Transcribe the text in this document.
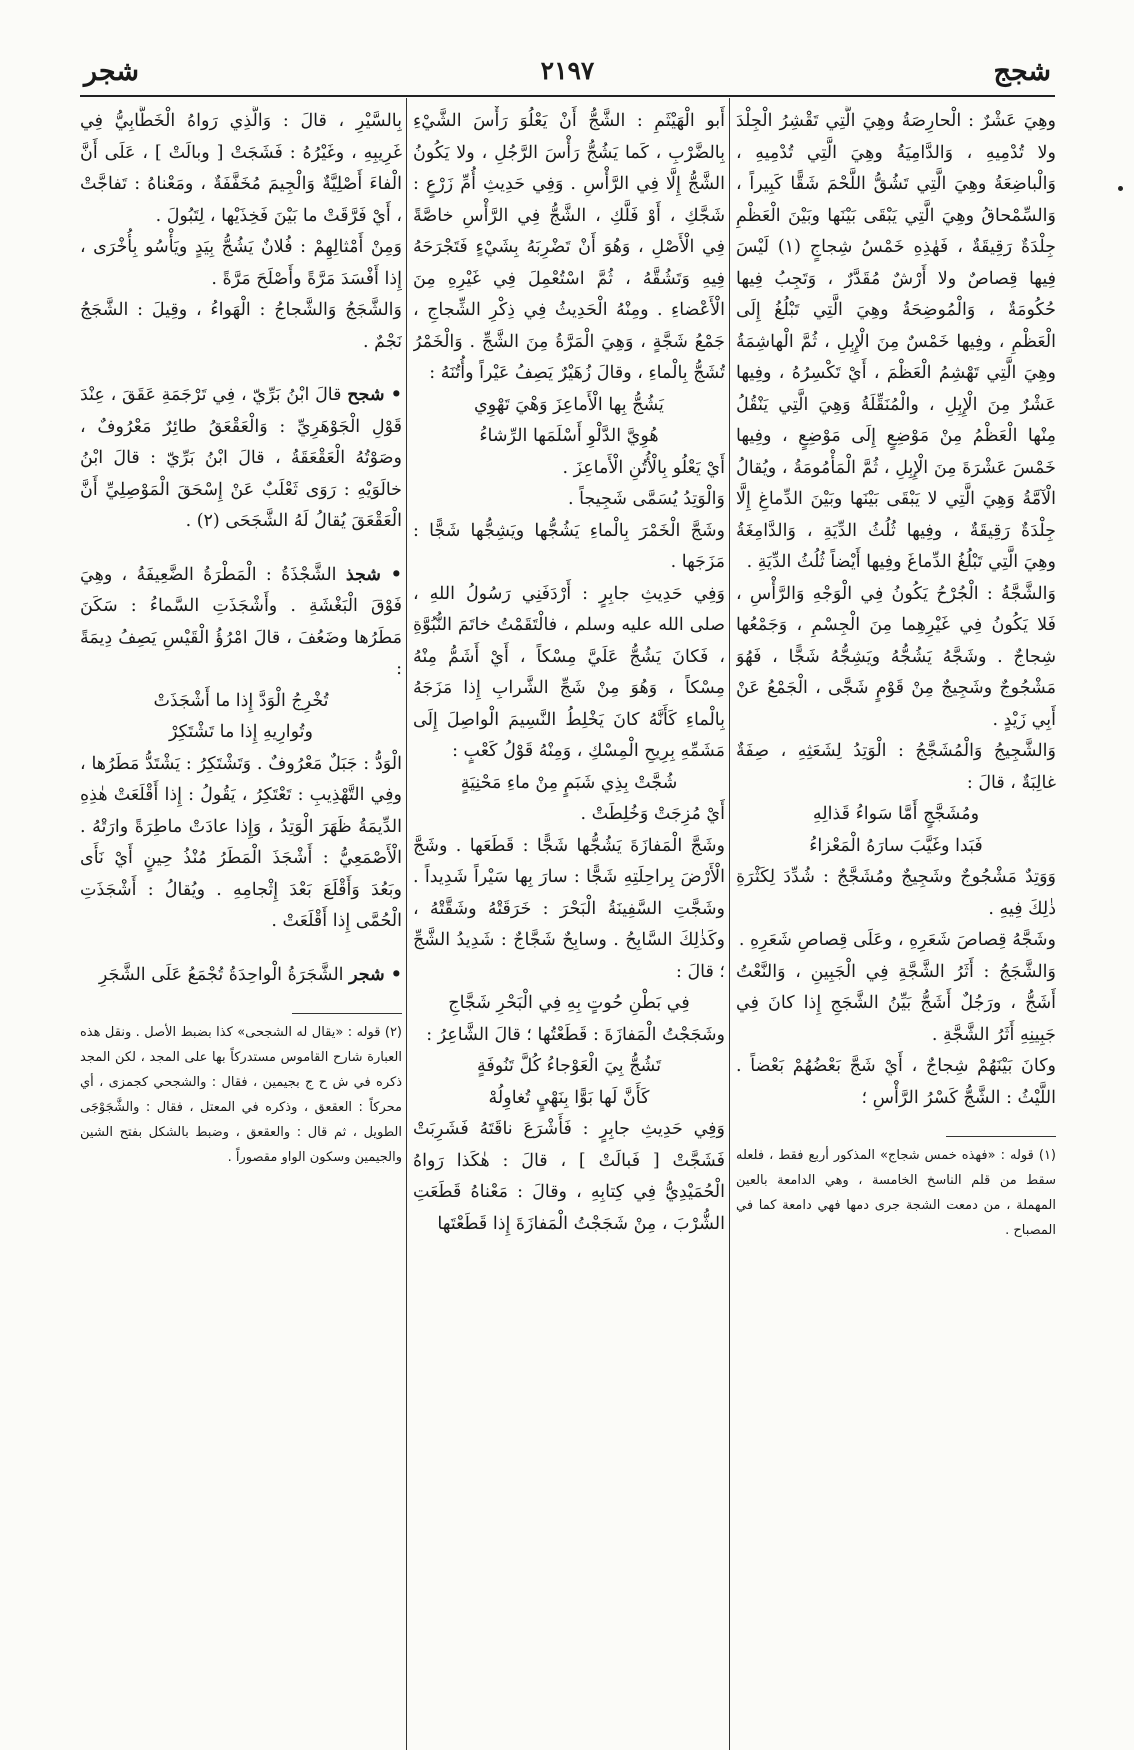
شجر	٢١٩٧	شجج

وهِيَ عَشْرٌ : الْحارِصَةُ وهِيَ الَّتِي تَقْشِرُ الْجِلْدَ ولا تُدْمِيهِ ، وَالدَّامِيَةُ وهِيَ الَّتِي تُدْمِيهِ ، وَالْباضِعَةُ وهِيَ الَّتِي تَشُقُّ اللَّحْمَ شَقًّا كَبِيراً ، وَالسِّمْحاقُ وهِيَ الَّتِي يَبْقَى بَيْنَها وبَيْنَ الْعَظْمِ جِلْدَةٌ رَقِيقَةٌ ، فَهٰذِهِ خَمْسُ شِجاجٍ (١) لَيْسَ فِيها قِصاصٌ ولا أَرْشٌ مُقَدَّرٌ ، وَتَجِبُ فِيها حُكُومَةٌ ، وَالْمُوضِحَةُ وهِيَ الَّتِي تَبْلُغُ إِلَى الْعَظْمِ ، وفِيها خَمْسٌ مِنَ الْإِبِلِ ، ثُمَّ الْهاشِمَةُ وهِيَ الَّتِي تَهْشِمُ الْعَظْمَ ، أَيْ تَكْسِرُهُ ، وفِيها عَشْرٌ مِنَ الْإِبِلِ ، والْمُنَقِّلَةُ وَهِيَ الَّتِي يَنْقُلُ مِنْها الْعَظْمُ مِنْ مَوْضِعٍ إِلَى مَوْضِعٍ ، وفِيها خَمْسَ عَشْرَةَ مِنَ الْإِبِلِ ، ثُمَّ الْمَأْمُومَةُ ، ويُقالُ الْآمَّةُ وَهِيَ الَّتِي لا يَبْقَى بَيْنَها وبَيْنَ الدِّماغِ إِلَّا جِلْدَةٌ رَقِيقَةٌ ، وفِيها ثُلُثُ الدِّيَةِ ، وَالدَّامِغَةُ وهِيَ الَّتِي تَبْلُغُ الدِّماغَ وفِيها أَيْضاً ثُلُثُ الدِّيَةِ .

وَالشَّجَّةُ : الْجُرْحُ يَكُونُ فِي الْوَجْهِ وَالرَّأْسِ ، فَلا يَكُونُ فِي غَيْرِهِما مِنَ الْجِسْمِ ، وَجَمْعُها شِجاجٌ . وشَجَّهُ يَشُجُّهُ ويَشِجُّهُ شَجًّا ، فَهُوَ مَشْجُوجٌ وشَجِيجٌ مِنْ قَوْمٍ شَجَّى ، الْجَمْعُ عَنْ أَبِي زَيْدٍ .

وَالشَّجِيجُ وَالْمُشَجَّجُ : الْوَتِدُ لِشَعَثِهِ ، صِفَةٌ غالِبَةٌ ، قالَ :

ومُشَجَّجٍ أَمَّا سَواءُ قَذالِهِ

فَبَدا وغَيَّبَ سارَهُ الْمَعْزاءُ

وَوَتِدٌ مَشْجُوجٌ وشَجِيجٌ ومُشَجَّجٌ : شُدِّدَ لِكَثْرَةِ ذٰلِكَ فِيهِ .

وشَجَّهُ قِصاصَ شَعَرِهِ ، وعَلَى قِصاصِ شَعَرِهِ .

وَالشَّجَجُ : أَثَرُ الشَّجَّةِ فِي الْجَبِينِ ، وَالنَّعْتُ أَشَجُّ ، ورَجُلٌ أَشَجُّ بَيِّنُ الشَّجَجِ إِذا كانَ فِي جَبِينِهِ أَثَرُ الشَّجَّةِ .

وكانَ بَيْنَهُمْ شِجاجٌ ، أَيْ شَجَّ بَعْضُهُمْ بَعْضاً . اللَّيْثُ : الشَّجُّ كَسْرُ الرَّأْسِ ؛

(١) قوله : «فهذه خمس شجاج» المذكور أربع فقط ، فلعله سقط من قلم الناسخ الخامسة ، وهي الدامعة بالعين المهملة ، من دمعت الشجة جرى دمها فهي دامعة كما في المصباح .

أَبو الْهَيْثَمِ : الشَّجُّ أَنْ يَعْلُوَ رَأْسَ الشَّيْءِ بِالضَّرْبِ ، كَما يَشُجُّ رَأْسَ الرَّجُلِ ، ولا يَكُونُ الشَّجُّ إِلَّا فِي الرَّأْسِ . وَفِي حَدِيثِ أُمِّ زَرْعٍ : شَجَّكِ ، أَوْ فَلَّكِ ، الشَّجُّ فِي الرَّأْسِ خاصَّةً فِي الْأَصْلِ ، وَهُوَ أَنْ تَضْرِبَهُ بِشَيْءٍ فَتَجْرَحَهُ فِيهِ وَتَشُقَّهُ ، ثُمَّ اسْتُعْمِلَ فِي غَيْرِهِ مِنَ الْأَعْضاءِ . ومِنْهُ الْحَدِيثُ فِي ذِكْرِ الشِّجاجِ ، جَمْعُ شَجَّةٍ ، وَهِيَ الْمَرَّةُ مِنَ الشَّجِّ . وَالْخَمْرُ تُشَجُّ بِالْماءِ ، وقالَ زُهَيْرٌ يَصِفُ عَيْراً وأُتُنَهُ :

يَشُجُّ بِها الْأَماعِزَ وَهْيَ تَهْوِي

هُوِيَّ الدَّلْوِ أَسْلَمَها الرِّشاءُ

أَيْ يَعْلُو بِالْأُتُنِ الْأَماعِزَ .

وَالْوَتِدُ يُسَمَّى شَجِيجاً .

وشَجَّ الْخَمْرَ بِالْماءِ يَشُجُّها ويَشِجُّها شَجًّا : مَزَجَها .

وَفِي حَدِيثِ جابِرٍ : أَرْدَفَنِي رَسُولُ اللهِ ، صلى الله عليه وسلم ، فالْتَقَمْتُ خاتَمَ النُّبُوَّةِ ، فَكانَ يَشُجُّ عَلَيَّ مِسْكاً ، أَيْ أَشَمُّ مِنْهُ مِسْكاً ، وَهُوَ مِنْ شَجِّ الشَّرابِ إِذا مَزَجَهُ بِالْماءِ كَأَنَّهُ كانَ يَخْلِطُ النَّسِيمَ الْواصِلَ إِلَى مَشَمِّهِ بِرِيحِ الْمِسْكِ ، وَمِنْهُ قَوْلُ كَعْبٍ :

شُجَّتْ بِذِي شَبَمٍ مِنْ ماءِ مَحْنِيَةٍ

أَيْ مُزِجَتْ وَخُلِطَتْ .

وشَجَّ الْمَفازَةَ يَشُجُّها شَجًّا : قَطَعَها . وشَجَّ الْأَرْضَ بِراحِلَتِهِ شَجًّا : سارَ بِها سَيْراً شَدِيداً . وشَجَّتِ السَّفِينَةُ الْبَحْرَ : خَرَقَتْهُ وشَقَّتْهُ ، وكَذٰلِكَ السَّابِحُ . وسابِحٌ شَجَّاجٌ : شَدِيدُ الشَّجِّ ؛ قالَ :

فِي بَطْنِ حُوتٍ بِهِ فِي الْبَحْرِ شَجَّاجِ

وشَجَجْتُ الْمَفازَةَ : قَطَعْتُها ؛ قالَ الشَّاعِرُ :

تَشُجُّ بِيَ الْعَوْجاءُ كُلَّ تَنُوفَةٍ

كَأَنَّ لَها بَوًّا بِنَهْيٍ تُغاوِلُهْ

وَفِي حَدِيثِ جابِرٍ : فَأَشْرَعَ ناقَتَهُ فَشَرِبَتْ فَشَجَّتْ [ فَبالَتْ ] ، قالَ : هٰكَذا رَواهُ الْحُمَيْدِيُّ فِي كِتابِهِ ، وقالَ : مَعْناهُ قَطَعَتِ الشُّرْبَ ، مِنْ شَجَجْتُ الْمَفازَةَ إِذا قَطَعْتَها

بِالسَّيْرِ ، قالَ : وَالَّذِي رَواهُ الْخَطَّابِيُّ فِي غَرِيبِهِ ، وغَيْرُهُ : فَشَجَتْ [ وبالَتْ ] ، عَلَى أَنَّ الْفاءَ أَصْلِيَّةٌ وَالْجِيمَ مُخَفَّفَةٌ ، ومَعْناهُ : تَفاجَّتْ ، أَيْ فَرَّقَتْ ما بَيْنَ فَخِذَيْها ، لِتَبُولَ .

وَمِنْ أَمْثالِهِمْ : فُلانٌ يَشُجُّ بِيَدٍ ويَأْسُو بِأُخْرَى ، إِذا أَفْسَدَ مَرَّةً وأَصْلَحَ مَرَّةً .

وَالشَّجَجُ وَالشَّجاجُ : الْهَواءُ ، وقِيلَ : الشَّجَجُ نَجْمٌ .

• شجح قالَ ابْنُ بَرِّيّ ، فِي تَرْجَمَةِ عَقَقَ ، عِنْدَ قَوْلِ الْجَوْهَرِيِّ : وَالْعَقْعَقُ طائِرٌ مَعْرُوفٌ ، وصَوْتُهُ الْعَقْعَقَةُ ، قالَ ابْنُ بَرِّيّ : قالَ ابْنُ خالَوَيْهِ : رَوَى ثَعْلَبٌ عَنْ إِسْحَقَ الْمَوْصِلِيِّ أَنَّ الْعَقْعَقَ يُقالُ لَهُ الشَّجَحَى (٢) .

• شجذ الشَّجْذَةُ : الْمَطْرَةُ الضَّعِيفَةُ ، وهِيَ فَوْقَ الْبَغْشَةِ . وأَشْجَذَتِ السَّماءُ : سَكَنَ مَطَرُها وضَعُفَ ، قالَ امْرُؤُ الْقَيْسِ يَصِفُ دِيمَةً :

تُخْرِجُ الْوَدَّ إِذا ما أَشْجَذَتْ

وتُوارِيهِ إِذا ما تَشْتَكِرْ

الْوَدُّ : جَبَلٌ مَعْرُوفٌ . وَتَشْتَكِرُ : يَشْتَدُّ مَطَرُها ، وفِي التَّهْذِيبِ : تَعْتَكِرُ ، يَقُولُ : إِذا أَقْلَعَتْ هٰذِهِ الدِّيمَةُ ظَهَرَ الْوَتِدُ ، وَإِذا عادَتْ ماطِرَةً وارَتْهُ . الْأَصْمَعِيُّ : أَشْجَذَ الْمَطَرُ مُنْذُ حِينٍ أَيْ نَأَى وبَعُدَ وَأَقْلَعَ بَعْدَ إِثْجامِهِ . ويُقالُ : أَشْجَذَتِ الْحُمَّى إِذا أَقْلَعَتْ .

• شجر الشَّجَرَةُ الْواحِدَةُ تُجْمَعُ عَلَى الشَّجَرِ

(٢) قوله : «يقال له الشجحى» كذا بضبط الأصل . ونقل هذه العبارة شارح القاموس مستدركاً بها على المجد ، لكن المجد ذكره في ش ح ج بجيمين ، فقال : والشجحي كجمزى ، أي محركاً : العقعق ، وذكره في المعتل ، فقال : والشَّجَوْجَى الطويل ، ثم قال : والعقعق ، وضبط بالشكل بفتح الشين والجيمين وسكون الواو مقصوراً .
